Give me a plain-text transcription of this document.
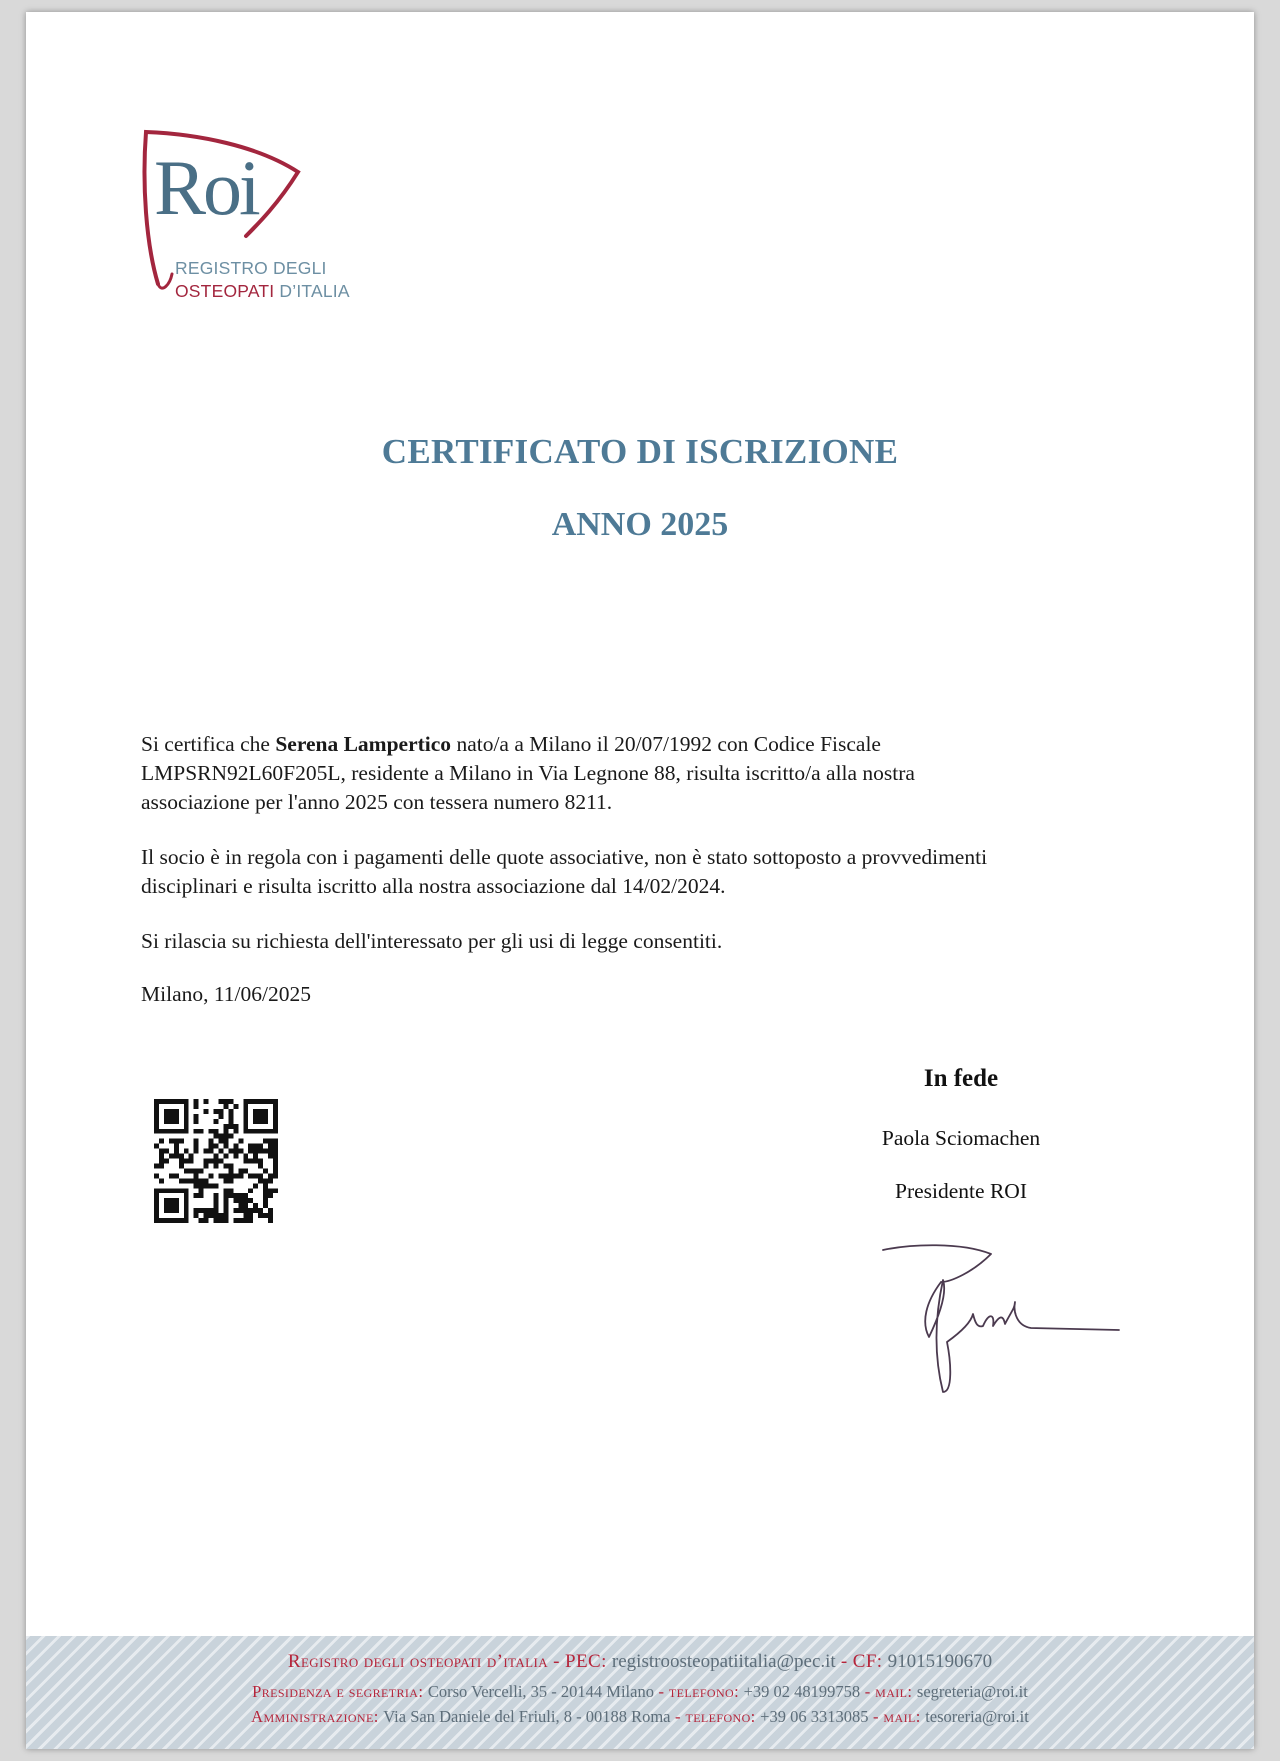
Roi
REGISTRO DEGLI
OSTEOPATI D’ITALIA
CERTIFICATO DI ISCRIZIONE
ANNO 2025
Si certifica che Serena Lampertico nato/a a Milano il 20/07/1992 con Codice Fiscale
LMPSRN92L60F205L, residente a Milano in Via Legnone 88, risulta iscritto/a alla nostra
associazione per l'anno 2025 con tessera numero 8211.
Il socio è in regola con i pagamenti delle quote associative, non è stato sottoposto a provvedimenti
disciplinari e risulta iscritto alla nostra associazione dal 14/02/2024.
Si rilascia su richiesta dell'interessato per gli usi di legge consentiti.
Milano, 11/06/2025
In fede
Paola Sciomachen
Presidente ROI
Registro degli osteopati d’italia - PEC: registroosteopatiitalia@pec.it - CF: 91015190670
Presidenza e segretria: Corso Vercelli, 35 - 20144 Milano - telefono: +39 02 48199758 - mail: segreteria@roi.it
Amministrazione: Via San Daniele del Friuli, 8 - 00188 Roma - telefono: +39 06 3313085 - mail: tesoreria@roi.it
